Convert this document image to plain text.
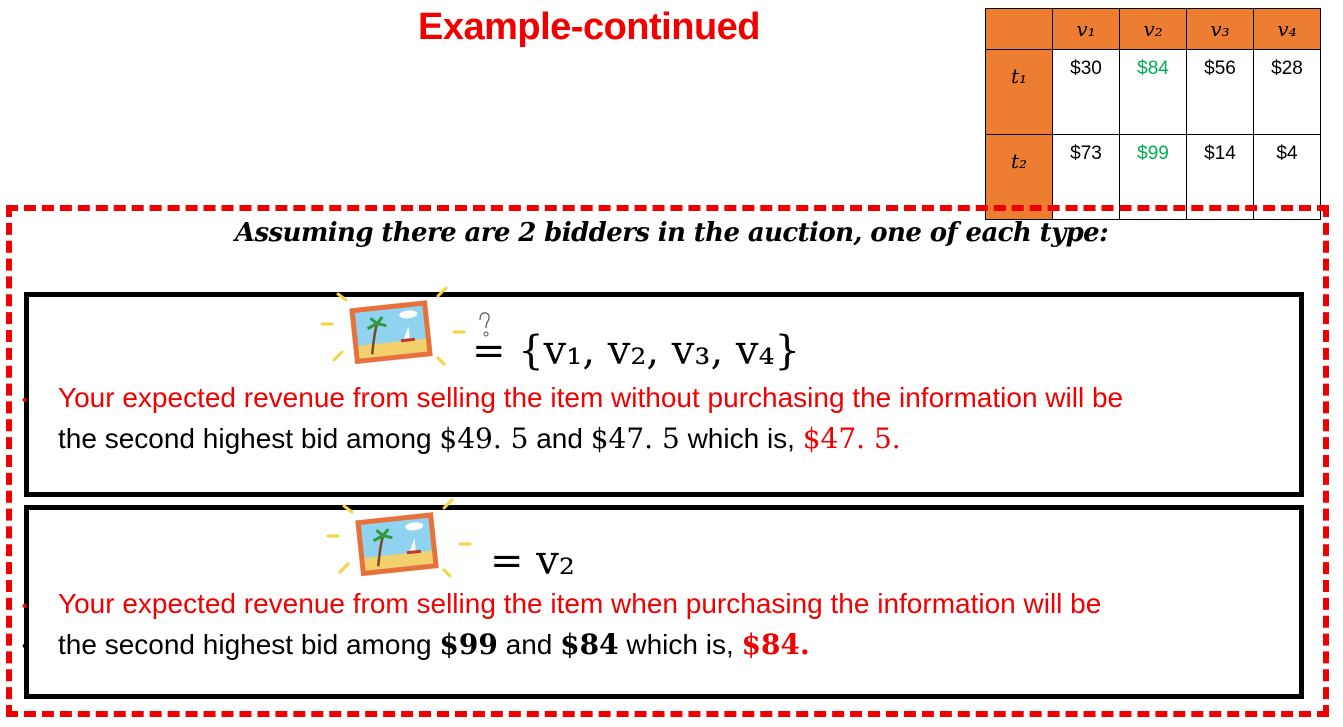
Example-continued
		v₁	v₂	v₃	v₄
t₁	$30	$84	$56	$28
t₂	$73	$99	$14	$4
Assuming there are 2 bidders in the auction, one of each type:
= {v₁, v₂, v₃, v₄}
• Your expected revenue from selling the item without purchasing the information will be
the second highest bid among $49. 5 and $47. 5 which is, $47. 5.
= v₂
• Your expected revenue from selling the item when purchasing the information will be
• the second highest bid among $99 and $84 which is, $84.
